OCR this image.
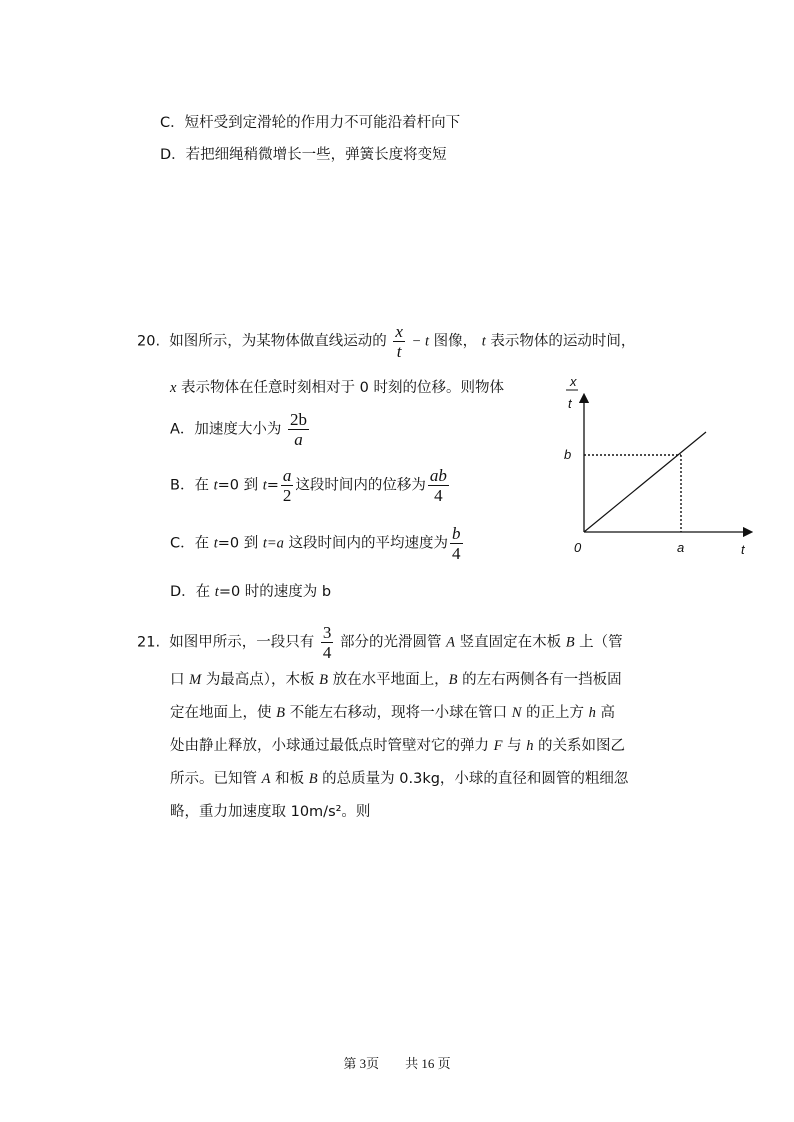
C．短杆受到定滑轮的作用力不可能沿着杆向下
D．若把细绳稍微增长一些，弹簧长度将变短
20. 如图所示，为某物体做直线运动的 $\frac{x}{t} - t$ 图像， t 表示物体的运动时间，
x 表示物体在任意时刻相对于 0 时刻的位移。则物体
A．加速度大小为 $\frac{2b}{a}$
B．在 t=0 到 $t= \frac{a}{2}$ 这段时间内的位移为 $\frac{ab}{4}$
C．在 t=0 到 t=a 这段时间内的平均速度为 $\frac{b}{4}$
D．在 t=0 时的速度为 b
x
t
b
0	a	t
21. 如图甲所示，一段只有 $\frac{3}{4}$ 部分的光滑圆管 A 竖直固定在木板 B 上（管
口 M 为最高点），木板 B 放在水平地面上，B 的左右两侧各有一挡板固
定在地面上，使 B 不能左右移动，现将一小球在管口 N 的正上方 h 高
处由静止释放，小球通过最低点时管壁对它的弹力 F 与 h 的关系如图乙
所示。已知管 A 和板 B 的总质量为 0.3kg，小球的直径和圆管的粗细忽
略，重力加速度取 10m/s²。则
第 3页　　共 16 页
